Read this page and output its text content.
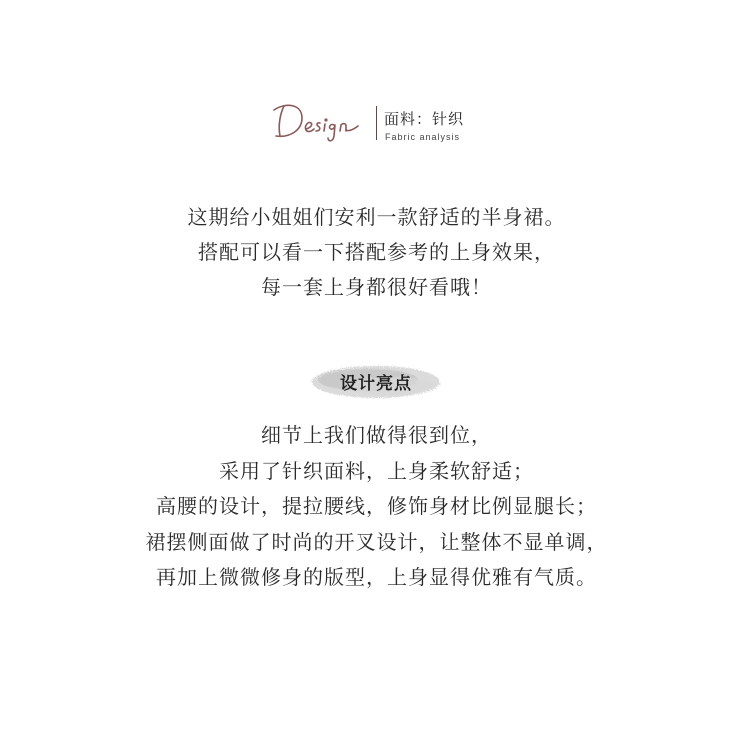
面料：针织
Fabric analysis
这期给小姐姐们安利一款舒适的半身裙。
搭配可以看一下搭配参考的上身效果，
每一套上身都很好看哦！
设计亮点
细节上我们做得很到位，
采用了针织面料，上身柔软舒适；
高腰的设计，提拉腰线，修饰身材比例显腿长；
裙摆侧面做了时尚的开叉设计，让整体不显单调，
再加上微微修身的版型，上身显得优雅有气质。
